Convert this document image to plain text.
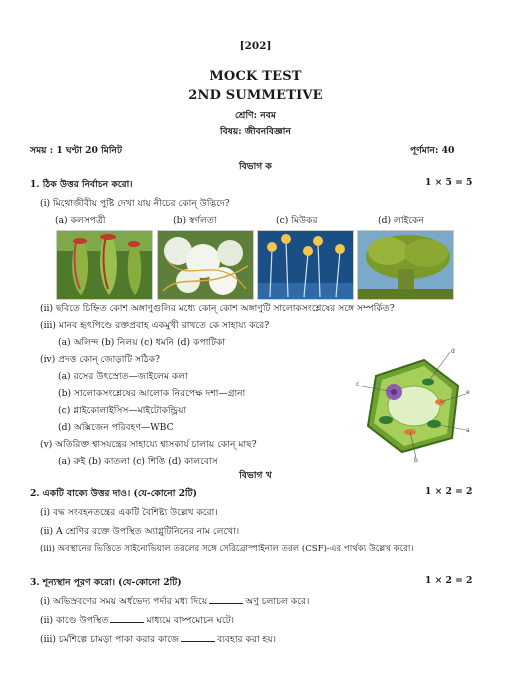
[202]
MOCK TEST
2ND SUMMETIVE
শ্রেণি: নবম
বিষয়: জীবনবিজ্ঞান
সময় : 1 ঘণ্টা 20 মিনিট	পূর্ণমান: 40
বিভাগ ক
1. ঠিক উত্তর নির্বাচন করো।	1 × 5 = 5
(i) মিথোজীবীয় পুষ্টি দেখা যায় নীচের কোন্ উদ্ভিদে?
(a) কলসপত্রী	(b) স্বর্ণলতা	(c) মিউকর	(d) লাইকেন
(ii) ছবিতে চিহ্নিত কোশ অঙ্গাণুগুলির মধ্যে কোন্ কোশ অঙ্গাণুটি সালোকসংশ্লেষের সঙ্গে সম্পর্কিত?
(iii) মানব হৃৎপিণ্ডে রক্তপ্রবাহ একমুখী রাখতে কে সাহায্য করে?
(a) অলিন্দ (b) নিলয় (c) ধমনি (d) কপাটিকা
(iv) প্রদত্ত কোন্ জোড়াটি সঠিক?
(a) রসের উৎস্রোত—জাইলেম কলা
(b) সালোকসংশ্লেষের আলোক নিরপেক্ষ দশা—গ্রানা
(c) গ্লাইকোলাইসিস—মাইটোকন্ড্রিয়া
(d) অক্সিজেন পরিবহণ—WBC
(v) অতিরিক্ত শ্বাসযন্ত্রের সাহায্যে শ্বাসকার্য চালায় কোন্ মাছ?
(a) রুই (b) কাতলা (c) শিঙি (d) কালবোস
c
a
b
d
e
বিভাগ খ
2. একটি বাক্যে উত্তর দাও। (যে-কোনো 2টি)	1 × 2 = 2
(i) বদ্ধ সংবহনতন্ত্রের একটি বৈশিষ্ট্য উল্লেখ করো।
(ii) A শ্রেণির রক্তে উপস্থিত অ্যাগ্লুটিনিনের নাম লেখো।
(iii) অবস্থানের ভিত্তিতে সাইনোভিয়াল তরলের সঙ্গে সেরিব্রোস্পাইনাল তরল (CSF)-এর পার্থক্য উল্লেখ করো।
3. শূন্যস্থান পূরণ করো। (যে-কোনো 2টি)	1 × 2 = 2
(i) অভিস্রবণের সময় অর্ধভেদ্য পর্দার মধ্য দিয়ে	অণু চলাচল করে।
(ii) কাণ্ডে উপস্থিত	মাধ্যমে বাষ্পমোচন ঘটে।
(iii) চর্মশিল্পে চামড়া পাকা করার কাজে	ব্যবহার করা হয়।
